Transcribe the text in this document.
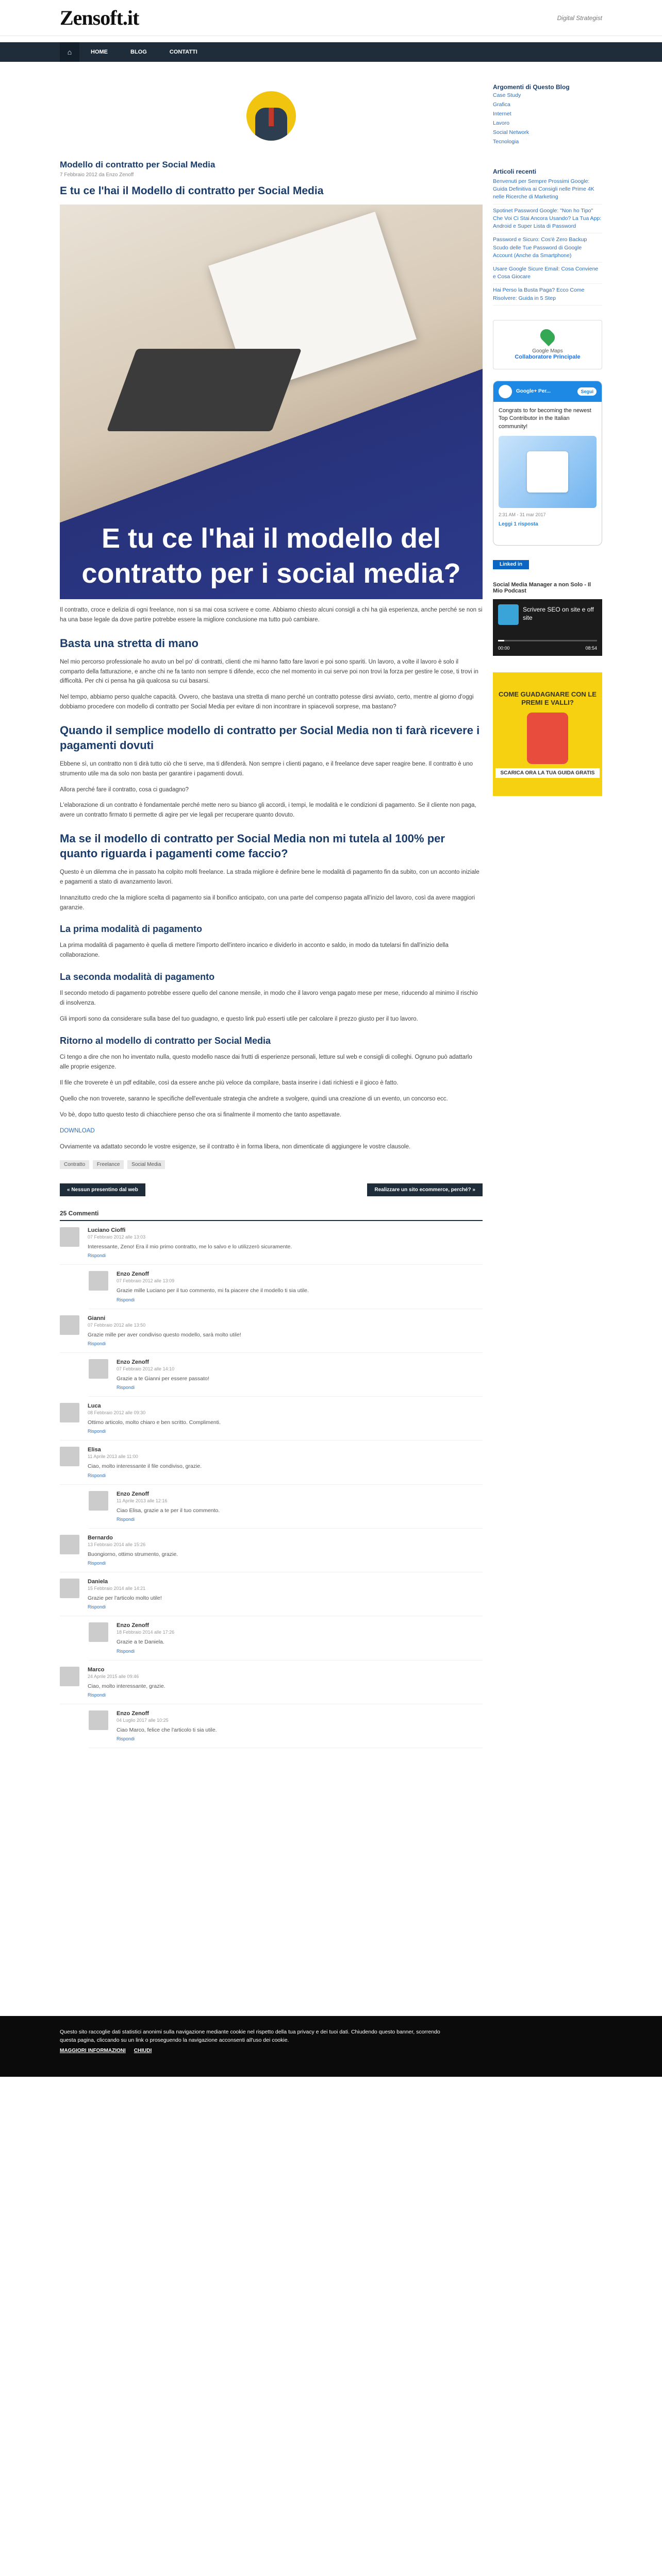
Zensoft.it	Digital Strategist
⌂	HOME	BLOG	CONTATTI
Modello di contratto per Social Media
7 Febbraio 2012 da Enzo Zenoff
E tu ce l'hai il Modello di contratto per Social Media
E tu ce l'hai il modello del contratto per i social media?

Il contratto, croce e delizia di ogni freelance, non si sa mai cosa scrivere e come. Abbiamo chiesto alcuni consigli a chi ha già esperienza, anche perché se non si ha una base legale da dove partire potrebbe essere la migliore conclusione ma tutto può cambiare.

Basta una stretta di mano

Nel mio percorso professionale ho avuto un bel po' di contratti, clienti che mi hanno fatto fare lavori e poi sono spariti. Un lavoro, a volte il lavoro è solo il comparto della fatturazione, e anche chi ne fa tanto non sempre ti difende, ecco che nel momento in cui serve poi non trovi la forza per gestire le cose, ti trovi in difficoltà. Per chi ci pensa ha già qualcosa su cui basarsi.

Nel tempo, abbiamo perso qualche capacità. Ovvero, che bastava una stretta di mano perché un contratto potesse dirsi avviato, certo, mentre al giorno d'oggi dobbiamo procedere con modello di contratto per Social Media per evitare di non incontrare in spiacevoli sorprese, ma bastano?

Quando il semplice modello di contratto per Social Media non ti farà ricevere i pagamenti dovuti

Ebbene sì, un contratto non ti dirà tutto ciò che ti serve, ma ti difenderà. Non sempre i clienti pagano, e il freelance deve saper reagire bene. Il contratto è uno strumento utile ma da solo non basta per garantire i pagamenti dovuti.

Allora perché fare il contratto, cosa ci guadagno?

L'elaborazione di un contratto è fondamentale perché mette nero su bianco gli accordi, i tempi, le modalità e le condizioni di pagamento. Se il cliente non paga, avere un contratto firmato ti permette di agire per vie legali per recuperare quanto dovuto.

Ma se il modello di contratto per Social Media non mi tutela al 100% per quanto riguarda i pagamenti come faccio?

Questo è un dilemma che in passato ha colpito molti freelance. La strada migliore è definire bene le modalità di pagamento fin da subito, con un acconto iniziale e pagamenti a stato di avanzamento lavori.

Innanzitutto credo che la migliore scelta di pagamento sia il bonifico anticipato, con una parte del compenso pagata all'inizio del lavoro, così da avere maggiori garanzie.

La prima modalità di pagamento

La prima modalità di pagamento è quella di mettere l'importo dell'intero incarico e dividerlo in acconto e saldo, in modo da tutelarsi fin dall'inizio della collaborazione.

La seconda modalità di pagamento

Il secondo metodo di pagamento potrebbe essere quello del canone mensile, in modo che il lavoro venga pagato mese per mese, riducendo al minimo il rischio di insolvenza.

Gli importi sono da considerare sulla base del tuo guadagno, e questo link può esserti utile per calcolare il prezzo giusto per il tuo lavoro.

Ritorno al modello di contratto per Social Media

Ci tengo a dire che non ho inventato nulla, questo modello nasce dai frutti di esperienze personali, letture sul web e consigli di colleghi. Ognuno può adattarlo alle proprie esigenze.

Il file che troverete è un pdf editabile, così da essere anche più veloce da compilare, basta inserire i dati richiesti e il gioco è fatto.

Quello che non troverete, saranno le specifiche dell'eventuale strategia che andrete a svolgere, quindi una creazione di un evento, un concorso ecc.

Vo bè, dopo tutto questo testo di chiacchiere penso che ora si finalmente il momento che tanto aspettavate.

DOWNLOAD

Ovviamente va adattato secondo le vostre esigenze, se il contratto è in forma libera, non dimenticate di aggiungere le vostre clausole.

Contratto Freelance Social Media
« Nessun presentino dal web	Realizzare un sito ecommerce, perché? »
25 Commenti
Luciano Cioffi
07 Febbraio 2012 alle 13:03
Interessante, Zeno! Era il mio primo contratto, me lo salvo e lo utilizzerò sicuramente.
Rispondi
Enzo Zenoff
07 Febbraio 2012 alle 13:09
Grazie mille Luciano per il tuo commento, mi fa piacere che il modello ti sia utile.
Rispondi
Gianni
07 Febbraio 2012 alle 13:50
Grazie mille per aver condiviso questo modello, sarà molto utile!
Rispondi
Enzo Zenoff
07 Febbraio 2012 alle 14:10
Grazie a te Gianni per essere passato!
Rispondi
Luca
08 Febbraio 2012 alle 09:30
Ottimo articolo, molto chiaro e ben scritto. Complimenti.
Rispondi
Elisa
11 Aprile 2013 alle 11:00
Ciao, molto interessante il file condiviso, grazie.
Rispondi
Enzo Zenoff
11 Aprile 2013 alle 12:16
Ciao Elisa, grazie a te per il tuo commento.
Rispondi
Bernardo
13 Febbraio 2014 alle 15:26
Buongiorno, ottimo strumento, grazie.
Rispondi
Daniela
15 Febbraio 2014 alle 14:21
Grazie per l'articolo molto utile!
Rispondi
Enzo Zenoff
18 Febbraio 2014 alle 17:26
Grazie a te Daniela.
Rispondi
Marco
24 Aprile 2015 alle 09:46
Ciao, molto interessante, grazie.
Rispondi
Enzo Zenoff
04 Luglio 2017 alle 10:25
Ciao Marco, felice che l'articolo ti sia utile.
Rispondi
Argomenti di Questo Blog
Case Study
Grafica
Internet
Lavoro
Social Network
Tecnologia
Articoli recenti
Benvenuti per Sempre Prossimi Google: Guida Definitiva ai Consigli nelle Prime 4K nelle Ricerche di Marketing
Spotinet Password Google: "Non ho Tipo" Che Voi Ci Stai Ancora Usando? La Tua App: Android e Super Lista di Password
Password e Sicuro: Cos'è Zero Backup Scudo delle Tue Password di Google Account (Anche da Smartphone)
Usare Google Sicure Email: Cosa Conviene e Cosa Giocare
Hai Perso la Busta Paga? Ecco Come Risolvere: Guida in 5 Step
Google Maps
Collaboratore Principale
Google+ Per...	Segui
Congrats to for becoming the newest Top Contributor in the Italian community!
2:31 AM - 31 mar 2017
Leggi 1 risposta
Linked in
Social Media Manager a non Solo - Il Mio Podcast
Scrivere SEO on site e off site
00:00	08:54
COME GUADAGNARE CON LE PREMI E VALLI?
SCARICA ORA LA TUA GUIDA GRATIS
Questo sito raccoglie dati statistici anonimi sulla navigazione mediante cookie nel rispetto della tua privacy e dei tuoi dati. Chiudendo questo banner, scorrendo questa pagina, cliccando su un link o proseguendo la navigazione acconsenti all'uso dei cookie.
MAGGIORI INFORMAZIONI CHIUDI
